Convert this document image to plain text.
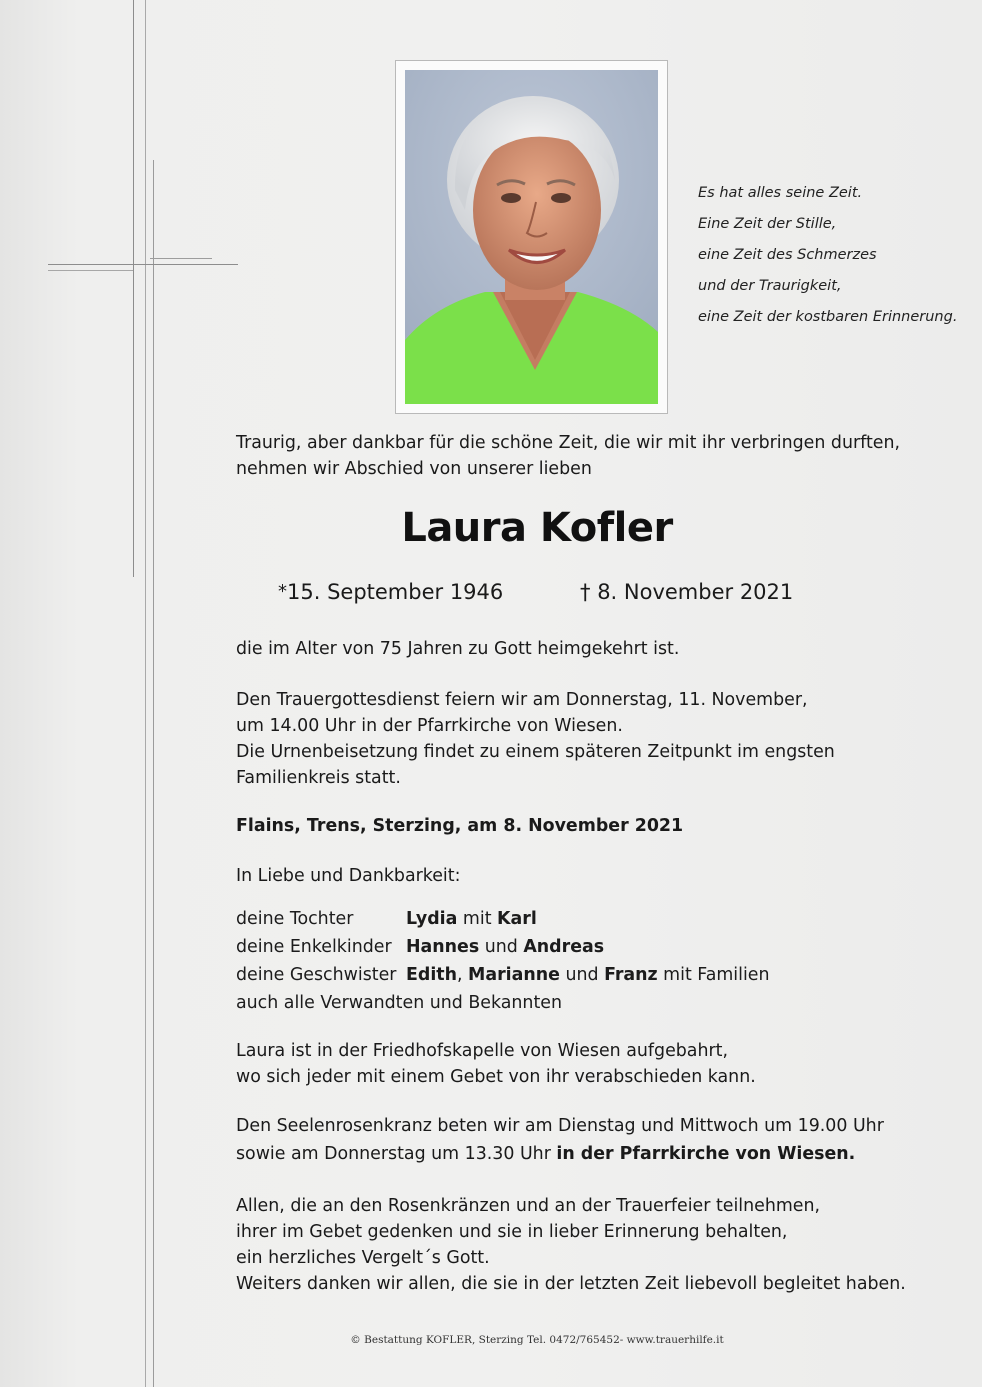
Es hat alles seine Zeit.
Eine Zeit der Stille,
eine Zeit des Schmerzes
und der Traurigkeit,
eine Zeit der kostbaren Erinnerung.
Traurig, aber dankbar für die schöne Zeit, die wir mit ihr verbringen durften,
nehmen wir Abschied von unserer lieben
Laura Kofler
*15. September 1946	† 8. November 2021
die im Alter von 75 Jahren zu Gott heimgekehrt ist.
Den Trauergottesdienst feiern wir am Donnerstag, 11. November,
um 14.00 Uhr in der Pfarrkirche von Wiesen.
Die Urnenbeisetzung findet zu einem späteren Zeitpunkt im engsten
Familienkreis statt.
Flains, Trens, Sterzing, am 8. November 2021
In Liebe und Dankbarkeit:
deine Tochter	Lydia mit Karl
deine Enkelkinder Hannes und Andreas
deine Geschwister Edith, Marianne und Franz mit Familien
auch alle Verwandten und Bekannten
Laura ist in der Friedhofskapelle von Wiesen aufgebahrt,
wo sich jeder mit einem Gebet von ihr verabschieden kann.
Den Seelenrosenkranz beten wir am Dienstag und Mittwoch um 19.00 Uhr
sowie am Donnerstag um 13.30 Uhr in der Pfarrkirche von Wiesen.
Allen, die an den Rosenkränzen und an der Trauerfeier teilnehmen,
ihrer im Gebet gedenken und sie in lieber Erinnerung behalten,
ein herzliches Vergelt´s Gott.
Weiters danken wir allen, die sie in der letzten Zeit liebevoll begleitet haben.
© Bestattung KOFLER, Sterzing Tel. 0472/765452- www.trauerhilfe.it
